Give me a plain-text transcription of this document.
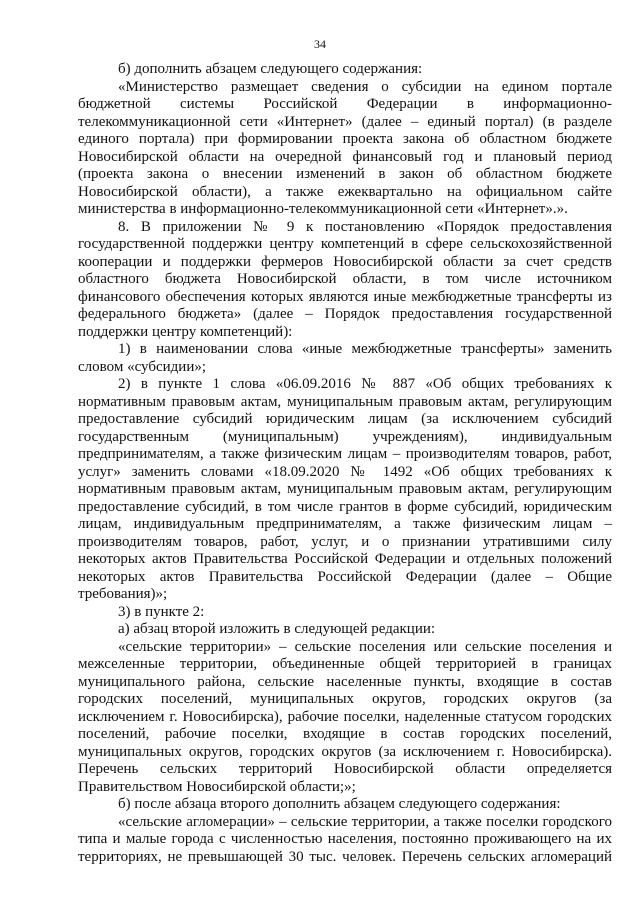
34

б) дополнить абзацем следующего содержания:

«Министерство размещает сведения о субсидии на едином портале бюджетной системы Российской Федерации в информационно-телекоммуникационной сети «Интернет» (далее – единый портал) (в разделе единого портала) при формировании проекта закона об областном бюджете Новосибирской области на очередной финансовый год и плановый период (проекта закона о внесении изменений в закон об областном бюджете Новосибирской области), а также ежеквартально на официальном сайте министерства в информационно-телекоммуникационной сети «Интернет».».

8. В приложении № 9 к постановлению «Порядок предоставления государственной поддержки центру компетенций в сфере сельскохозяйственной кооперации и поддержки фермеров Новосибирской области за счет средств областного бюджета Новосибирской области, в том числе источником финансового обеспечения которых являются иные межбюджетные трансферты из федерального бюджета» (далее – Порядок предоставления государственной поддержки центру компетенций):

1) в наименовании слова «иные межбюджетные трансферты» заменить словом «субсидии»;

2) в пункте 1 слова «06.09.2016 № 887 «Об общих требованиях к нормативным правовым актам, муниципальным правовым актам, регулирующим предоставление субсидий юридическим лицам (за исключением субсидий государственным (муниципальным) учреждениям), индивидуальным предпринимателям, а также физическим лицам – производителям товаров, работ, услуг» заменить словами «18.09.2020 № 1492 «Об общих требованиях к нормативным правовым актам, муниципальным правовым актам, регулирующим предоставление субсидий, в том числе грантов в форме субсидий, юридическим лицам, индивидуальным предпринимателям, а также физическим лицам – производителям товаров, работ, услуг, и о признании утратившими силу некоторых актов Правительства Российской Федерации и отдельных положений некоторых актов Правительства Российской Федерации (далее – Общие требования)»;

3) в пункте 2:

а) абзац второй изложить в следующей редакции:

«сельские территории» – сельские поселения или сельские поселения и межселенные территории, объединенные общей территорией в границах муниципального района, сельские населенные пункты, входящие в состав городских поселений, муниципальных округов, городских округов (за исключением г. Новосибирска), рабочие поселки, наделенные статусом городских поселений, рабочие поселки, входящие в состав городских поселений, муниципальных округов, городских округов (за исключением г. Новосибирска). Перечень сельских территорий Новосибирской области определяется Правительством Новосибирской области;»;

б) после абзаца второго дополнить абзацем следующего содержания:

«сельские агломерации» – сельские территории, а также поселки городского типа и малые города с численностью населения, постоянно проживающего на их территориях, не превышающей 30 тыс. человек. Перечень сельских агломераций
